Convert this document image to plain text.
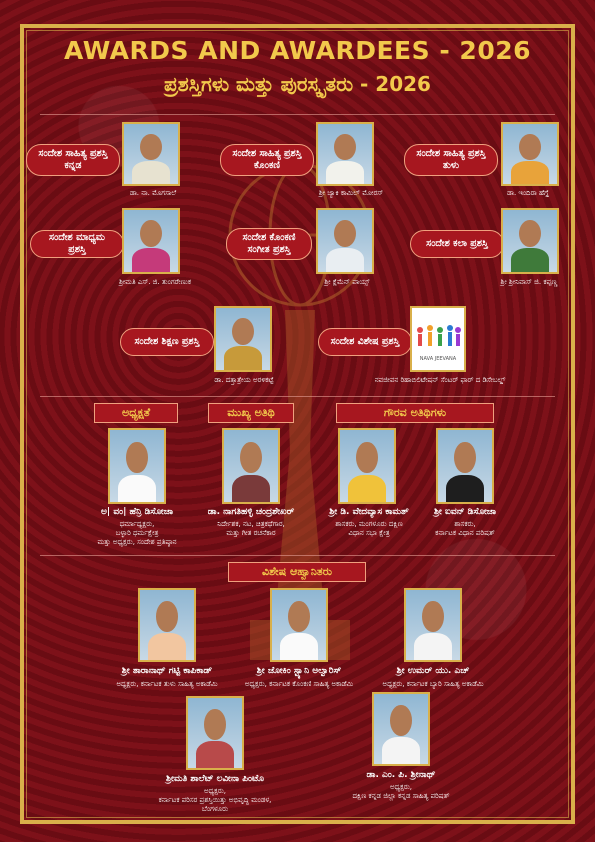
AWARDS AND AWARDEES - 2026
ಪ್ರಶಸ್ತಿಗಳು ಮತ್ತು ಪುರಸ್ಕೃತರು - 2026
ಸಂದೇಶ ಸಾಹಿತ್ಯ ಪ್ರಶಸ್ತಿ
ಕನ್ನಡ
ಡಾ. ನಾ. ಮೊಗಸಾಲೆ
ಸಂದೇಶ ಸಾಹಿತ್ಯ ಪ್ರಶಸ್ತಿ
ಕೊಂಕಣಿ
ಶ್ರೀ ಜ್ಯಾಕಿ ಕಾಮಿಲ್ ಮೋರಸ್
ಸಂದೇಶ ಸಾಹಿತ್ಯ ಪ್ರಶಸ್ತಿ
ತುಳು
ಡಾ. ಇಂದಿರಾ ಹೆಗ್ಡೆ
ಸಂದೇಶ ಮಾಧ್ಯಮ ಪ್ರಶಸ್ತಿ
ಶ್ರೀಮತಿ ಎಸ್. ಜಿ. ತುಂಗರೇಣುಕ
ಸಂದೇಶ ಕೊಂಕಣಿ
ಸಂಗೀತ ಪ್ರಶಸ್ತಿ
ಶ್ರೀ ಕ್ಲೆಮೆನ್ ಪಾಯ್ಸ್
ಸಂದೇಶ ಕಲಾ ಪ್ರಶಸ್ತಿ
ಶ್ರೀ ಶ್ರೀನಿವಾಸ್ ಜಿ. ಕಪ್ಪಣ್ಣ
ಸಂದೇಶ ಶಿಕ್ಷಣ ಪ್ರಶಸ್ತಿ
ಡಾ. ದತ್ತಾತ್ರೇಯ ಅರಳಿಕಟ್ಟೆ
ಸಂದೇಶ ವಿಶೇಷ ಪ್ರಶಸ್ತಿ
NAVA JEEVANA
ನವಜೀವನ ರಿಹಾಬಿಲಿಟೇಷನ್ ಸೆಂಟರ್ ಫಾರ್ ದ ಡಿಸೇಬಲ್ಡ್
ಅಧ್ಯಕ್ಷತೆ	ಮುಖ್ಯ ಅತಿಥಿ	ಗೌರವ ಅತಿಥಿಗಳು
ಅ| ವಂ| ಹೆನ್ರಿ ಡಿಸೋಜಾ
ಧರ್ಮಾಧ್ಯಕ್ಷರು,
ಬಳ್ಳಾರಿ ಧರ್ಮಕ್ಷೇತ್ರ
ಮತ್ತು ಅಧ್ಯಕ್ಷರು, ಸಂದೇಶ ಪ್ರತಿಷ್ಠಾನ
ಡಾ. ನಾಗತಿಹಳ್ಳಿ ಚಂದ್ರಶೇಖರ್
ನಿರ್ದೇಶಕ, ನಟ, ಚಿತ್ರಕಥೆಗಾರ,
ಮತ್ತು ಗೀತ ರಚನೆಕಾರ
ಶ್ರೀ ಡಿ. ವೇದವ್ಯಾಸ ಕಾಮತ್
ಶಾಸಕರು, ಮಂಗಳೂರು ದಕ್ಷಿಣ
ವಿಧಾನ ಸಭಾ ಕ್ಷೇತ್ರ
ಶ್ರೀ ಐವನ್ ಡಿಸೋಜಾ
ಶಾಸಕರು,
ಕರ್ನಾಟಕ ವಿಧಾನ ಪರಿಷತ್
ವಿಶೇಷ ಆಹ್ವಾನಿತರು
ಶ್ರೀ ತಾರಾನಾಥ್ ಗಟ್ಟಿ ಕಾಪಿಕಾಡ್
ಅಧ್ಯಕ್ಷರು, ಕರ್ನಾಟಕ ತುಳು ಸಾಹಿತ್ಯ ಅಕಾಡೆಮಿ
ಶ್ರೀ ಜೋಕಿಂ ಸ್ಟ್ಯಾನಿ ಅಲ್ವಾರಿಸ್
ಅಧ್ಯಕ್ಷರು, ಕರ್ನಾಟಕ ಕೊಂಕಣಿ ಸಾಹಿತ್ಯ ಅಕಾಡೆಮಿ
ಶ್ರೀ ಉಮರ್ ಯು. ಎಚ್
ಅಧ್ಯಕ್ಷರು, ಕರ್ನಾಟಕ ಬ್ಯಾರಿ ಸಾಹಿತ್ಯ ಅಕಾಡೆಮಿ
ಶ್ರೀಮತಿ ಶಾಲೆಟ್ ಲವೀನಾ ಪಿಂಟೊ
ಅಧ್ಯಕ್ಷರು,
ಕರ್ನಾಟಕ ಪರಿಸರ ಪ್ರಶಸ್ತಿಯಿತ್ತು ಅಭಿವೃದ್ಧಿ ಮಂಡಳ,
ಬೆಂಗಳೂರು
ಡಾ. ಎಂ. ಪಿ. ಶ್ರೀನಾಥ್
ಅಧ್ಯಕ್ಷರು,
ದಕ್ಷಿಣ ಕನ್ನಡ ಜಿಲ್ಲಾ ಕನ್ನಡ ಸಾಹಿತ್ಯ ಪರಿಷತ್
